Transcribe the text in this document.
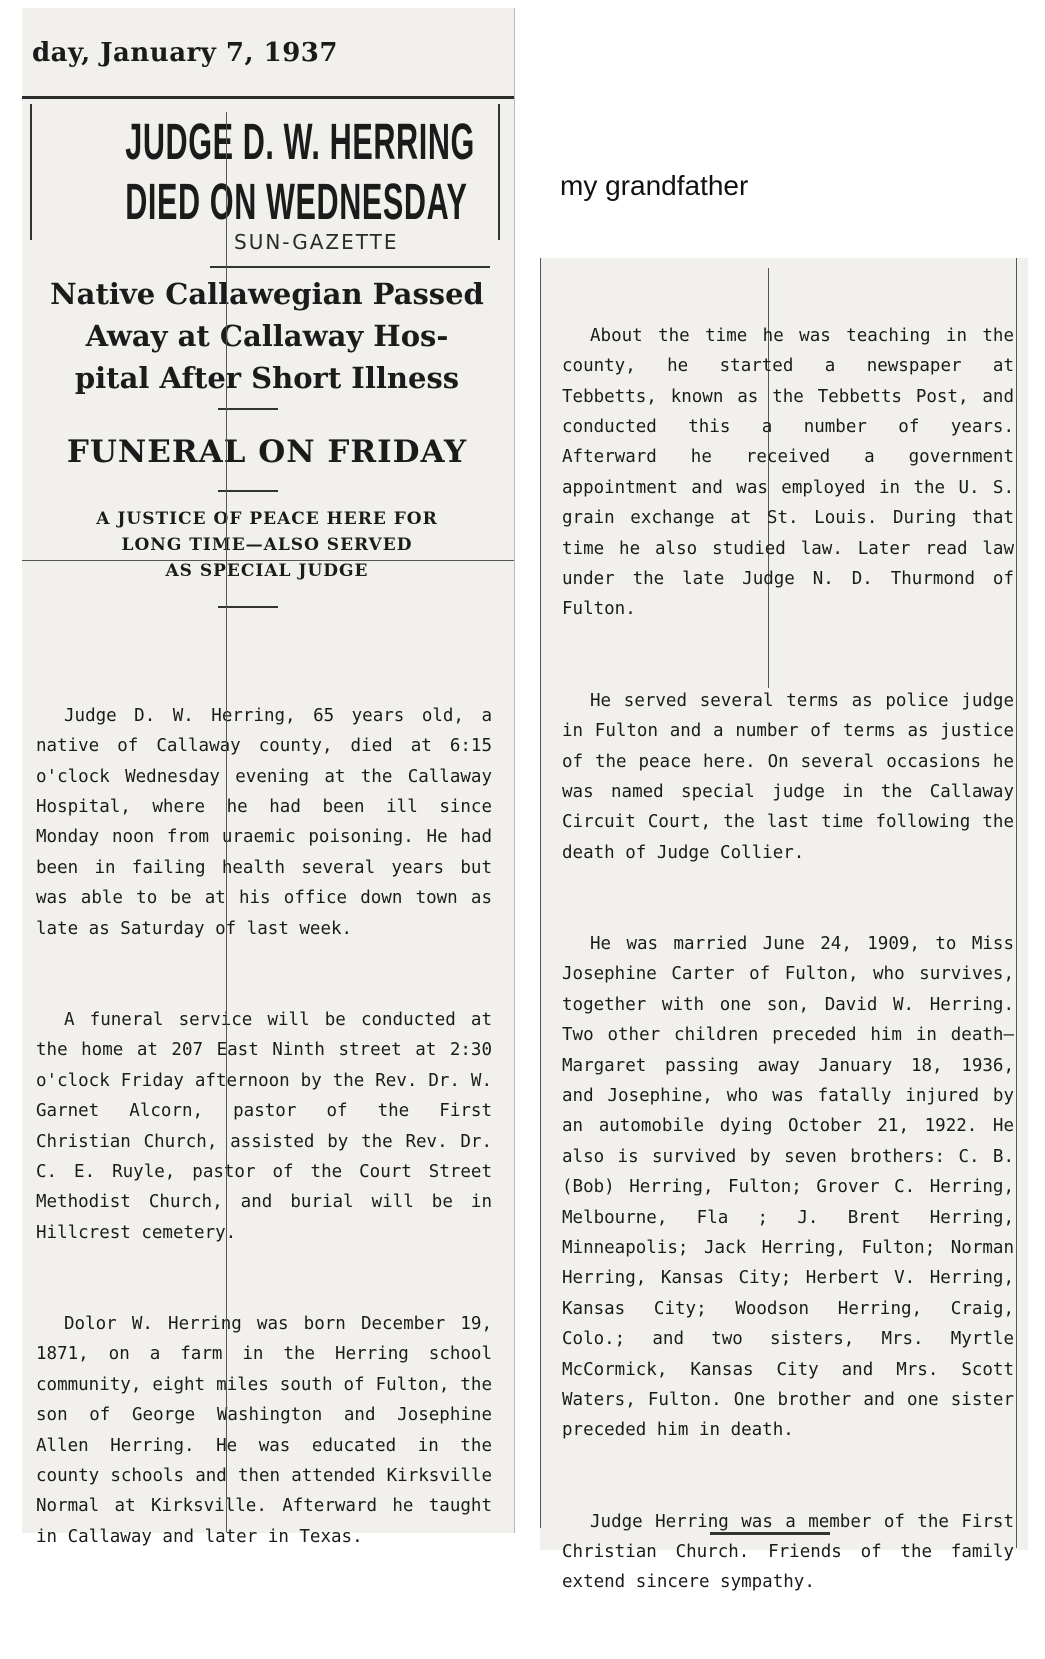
day, January 7, 1937
JUDGE D. W. HERRING
DIED ON WEDNESDAY
SUN-GAZETTE
Native Callawegian Passed
Away at Callaway Hos-
pital After Short Illness
FUNERAL ON FRIDAY
A JUSTICE OF PEACE HERE FOR
LONG TIME—ALSO SERVED
AS SPECIAL JUDGE

Judge D. W. Herring, 65 years old, a native of Callaway county, died at 6:15 o'clock Wednesday evening at the Callaway Hospital, where he had been ill since Monday noon from uraemic poisoning. He had been in failing health several years but was able to be at his office down town as late as Saturday of last week.

A funeral service will be conducted at the home at 207 East Ninth street at 2:30 o'clock Friday afternoon by the Rev. Dr. W. Garnet Alcorn, pastor of the First Christian Church, assisted by the Rev. Dr. C. E. Ruyle, pastor of the Court Street Methodist Church, and burial will be in Hillcrest cemetery.

Dolor W. Herring was born December 19, 1871, on a farm in the Herring school community, eight miles south of Fulton, the son of George Washington and Josephine Allen Herring. He was educated in the county schools and then attended Kirksville Normal at Kirksville. Afterward he taught in Callaway and later in Texas.

my grandfather

About the time he was teaching in the county, he started a newspaper at Tebbetts, known as the Tebbetts Post, and conducted this a number of years. Afterward he received a government appointment and was employed in the U. S. grain exchange at St. Louis. During that time he also studied law. Later read law under the late Judge N. D. Thurmond of Fulton.

He served several terms as police judge in Fulton and a number of terms as justice of the peace here. On several occasions he was named special judge in the Callaway Circuit Court, the last time following the death of Judge Collier.

He was married June 24, 1909, to Miss Josephine Carter of Fulton, who survives, together with one son, David W. Herring. Two other children preceded him in death—Margaret passing away January 18, 1936, and Josephine, who was fatally injured by an automobile dying October 21, 1922. He also is survived by seven brothers: C. B. (Bob) Herring, Fulton; Grover C. Herring, Melbourne, Fla ; J. Brent Herring, Minneapolis; Jack Herring, Fulton; Norman Herring, Kansas City; Herbert V. Herring, Kansas City; Woodson Herring, Craig, Colo.; and two sisters, Mrs. Myrtle McCormick, Kansas City and Mrs. Scott Waters, Fulton. One brother and one sister preceded him in death.

Judge Herring was a member of the First Christian Church. Friends of the family extend sincere sympathy.
